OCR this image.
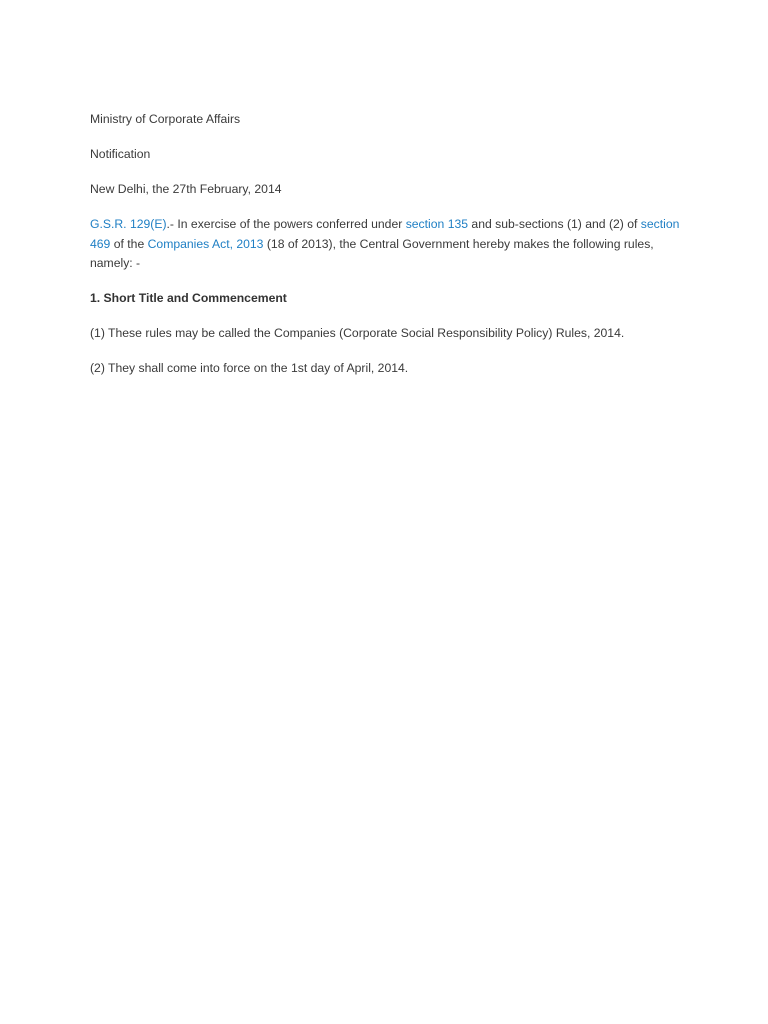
Ministry of Corporate Affairs

Notification

New Delhi, the 27th February, 2014

G.S.R. 129(E).- In exercise of the powers conferred under section 135 and sub-sections (1) and (2) of section 469 of the Companies Act, 2013 (18 of 2013), the Central Government hereby makes the following rules, namely: -

1. Short Title and Commencement

(1) These rules may be called the Companies (Corporate Social Responsibility Policy) Rules, 2014.

(2) They shall come into force on the 1st day of April, 2014.
